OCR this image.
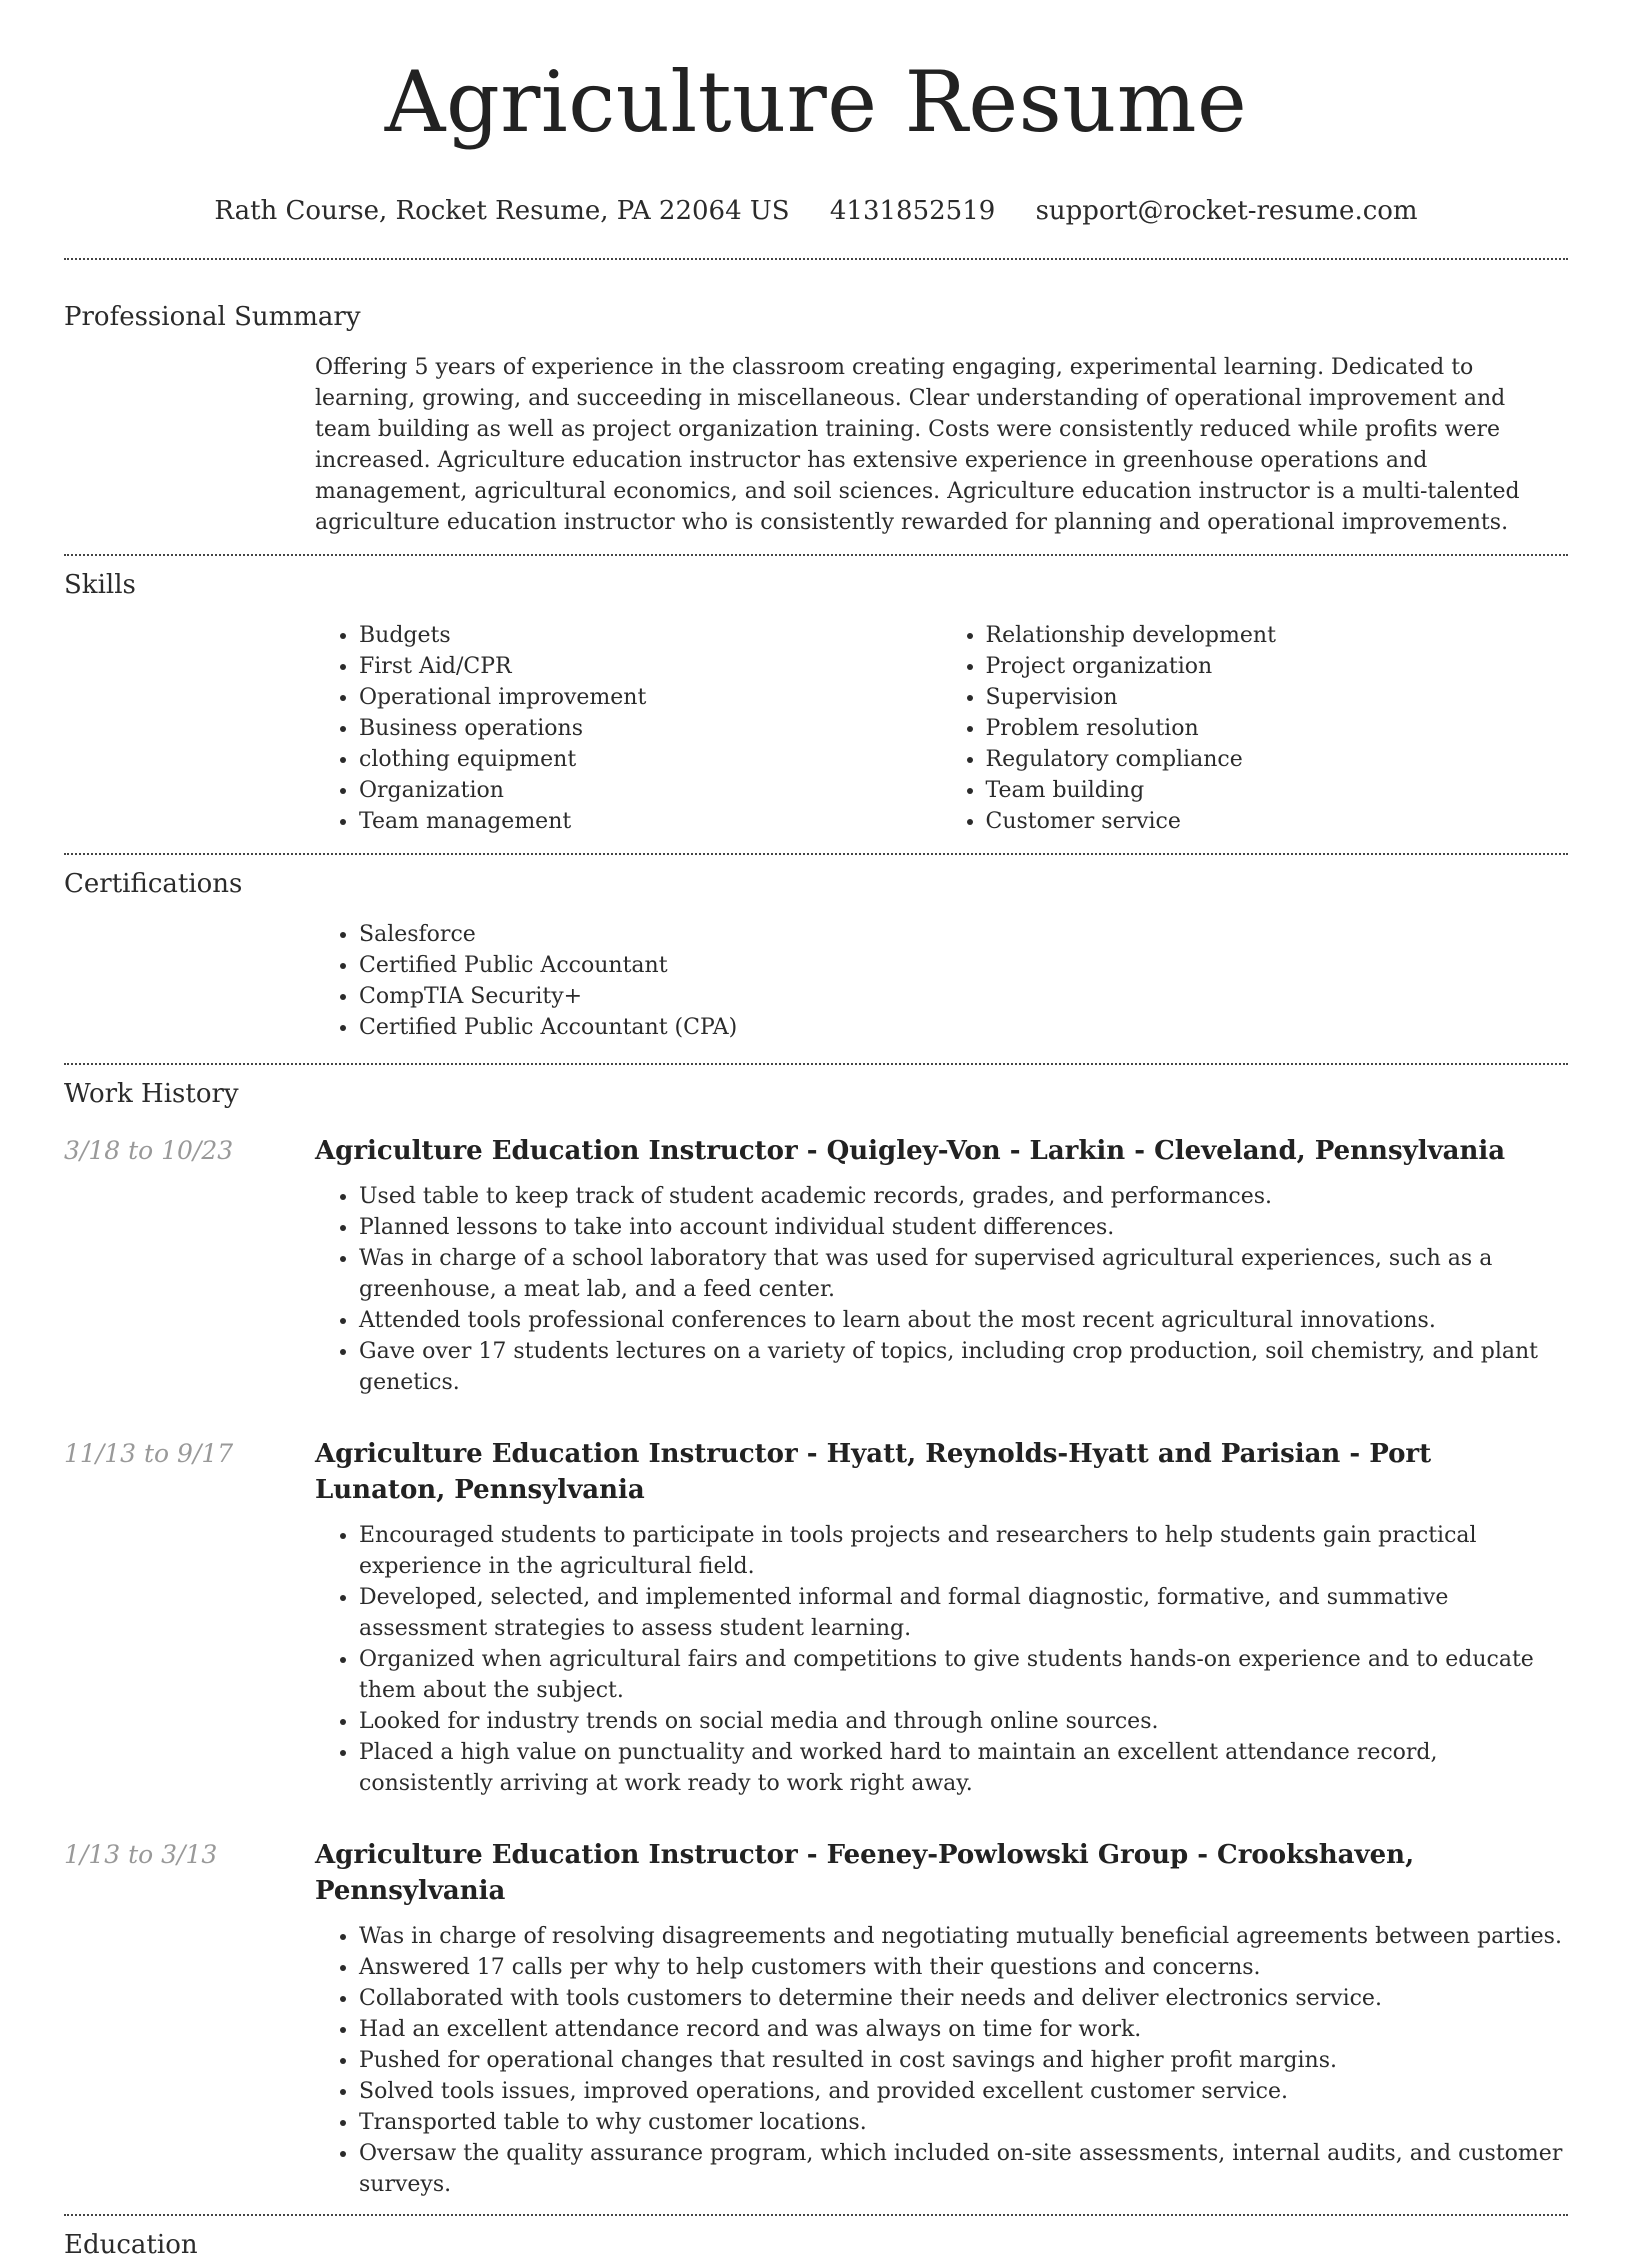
Agriculture Resume
Rath Course, Rocket Resume, PA 22064 US 4131852519 support@rocket-resume.com
Professional Summary

Offering 5 years of experience in the classroom creating engaging, experimental learning. Dedicated to learning, growing, and succeeding in miscellaneous. Clear understanding of operational improvement and team building as well as project organization training. Costs were consistently reduced while profits were increased. Agriculture education instructor has extensive experience in greenhouse operations and management, agricultural economics, and soil sciences. Agriculture education instructor is a multi-talented agriculture education instructor who is consistently rewarded for planning and operational improvements.

Skills
• Budgets
• First Aid/CPR
• Operational improvement
• Business operations
• clothing equipment
• Organization
• Team management
• Relationship development
• Project organization
• Supervision
• Problem resolution
• Regulatory compliance
• Team building
• Customer service
Certifications
• Salesforce
• Certified Public Accountant
• CompTIA Security+
• Certified Public Accountant (CPA)
Work History
3/18 to 10/23	Agriculture Education Instructor - Quigley-Von - Larkin - Cleveland, Pennsylvania
• Used table to keep track of student academic records, grades, and performances.
• Planned lessons to take into account individual student differences.
• Was in charge of a school laboratory that was used for supervised agricultural experiences, such as a greenhouse, a meat lab, and a feed center.
• Attended tools professional conferences to learn about the most recent agricultural innovations.
• Gave over 17 students lectures on a variety of topics, including crop production, soil chemistry, and plant genetics.
11/13 to 9/17	Agriculture Education Instructor - Hyatt, Reynolds-Hyatt and Parisian - Port Lunaton, Pennsylvania
• Encouraged students to participate in tools projects and researchers to help students gain practical experience in the agricultural field.
• Developed, selected, and implemented informal and formal diagnostic, formative, and summative assessment strategies to assess student learning.
• Organized when agricultural fairs and competitions to give students hands-on experience and to educate them about the subject.
• Looked for industry trends on social media and through online sources.
• Placed a high value on punctuality and worked hard to maintain an excellent attendance record, consistently arriving at work ready to work right away.
1/13 to 3/13	Agriculture Education Instructor - Feeney-Powlowski Group - Crookshaven, Pennsylvania
• Was in charge of resolving disagreements and negotiating mutually beneficial agreements between parties.
• Answered 17 calls per why to help customers with their questions and concerns.
• Collaborated with tools customers to determine their needs and deliver electronics service.
• Had an excellent attendance record and was always on time for work.
• Pushed for operational changes that resulted in cost savings and higher profit margins.
• Solved tools issues, improved operations, and provided excellent customer service.
• Transported table to why customer locations.
• Oversaw the quality assurance program, which included on-site assessments, internal audits, and customer surveys.
Education
